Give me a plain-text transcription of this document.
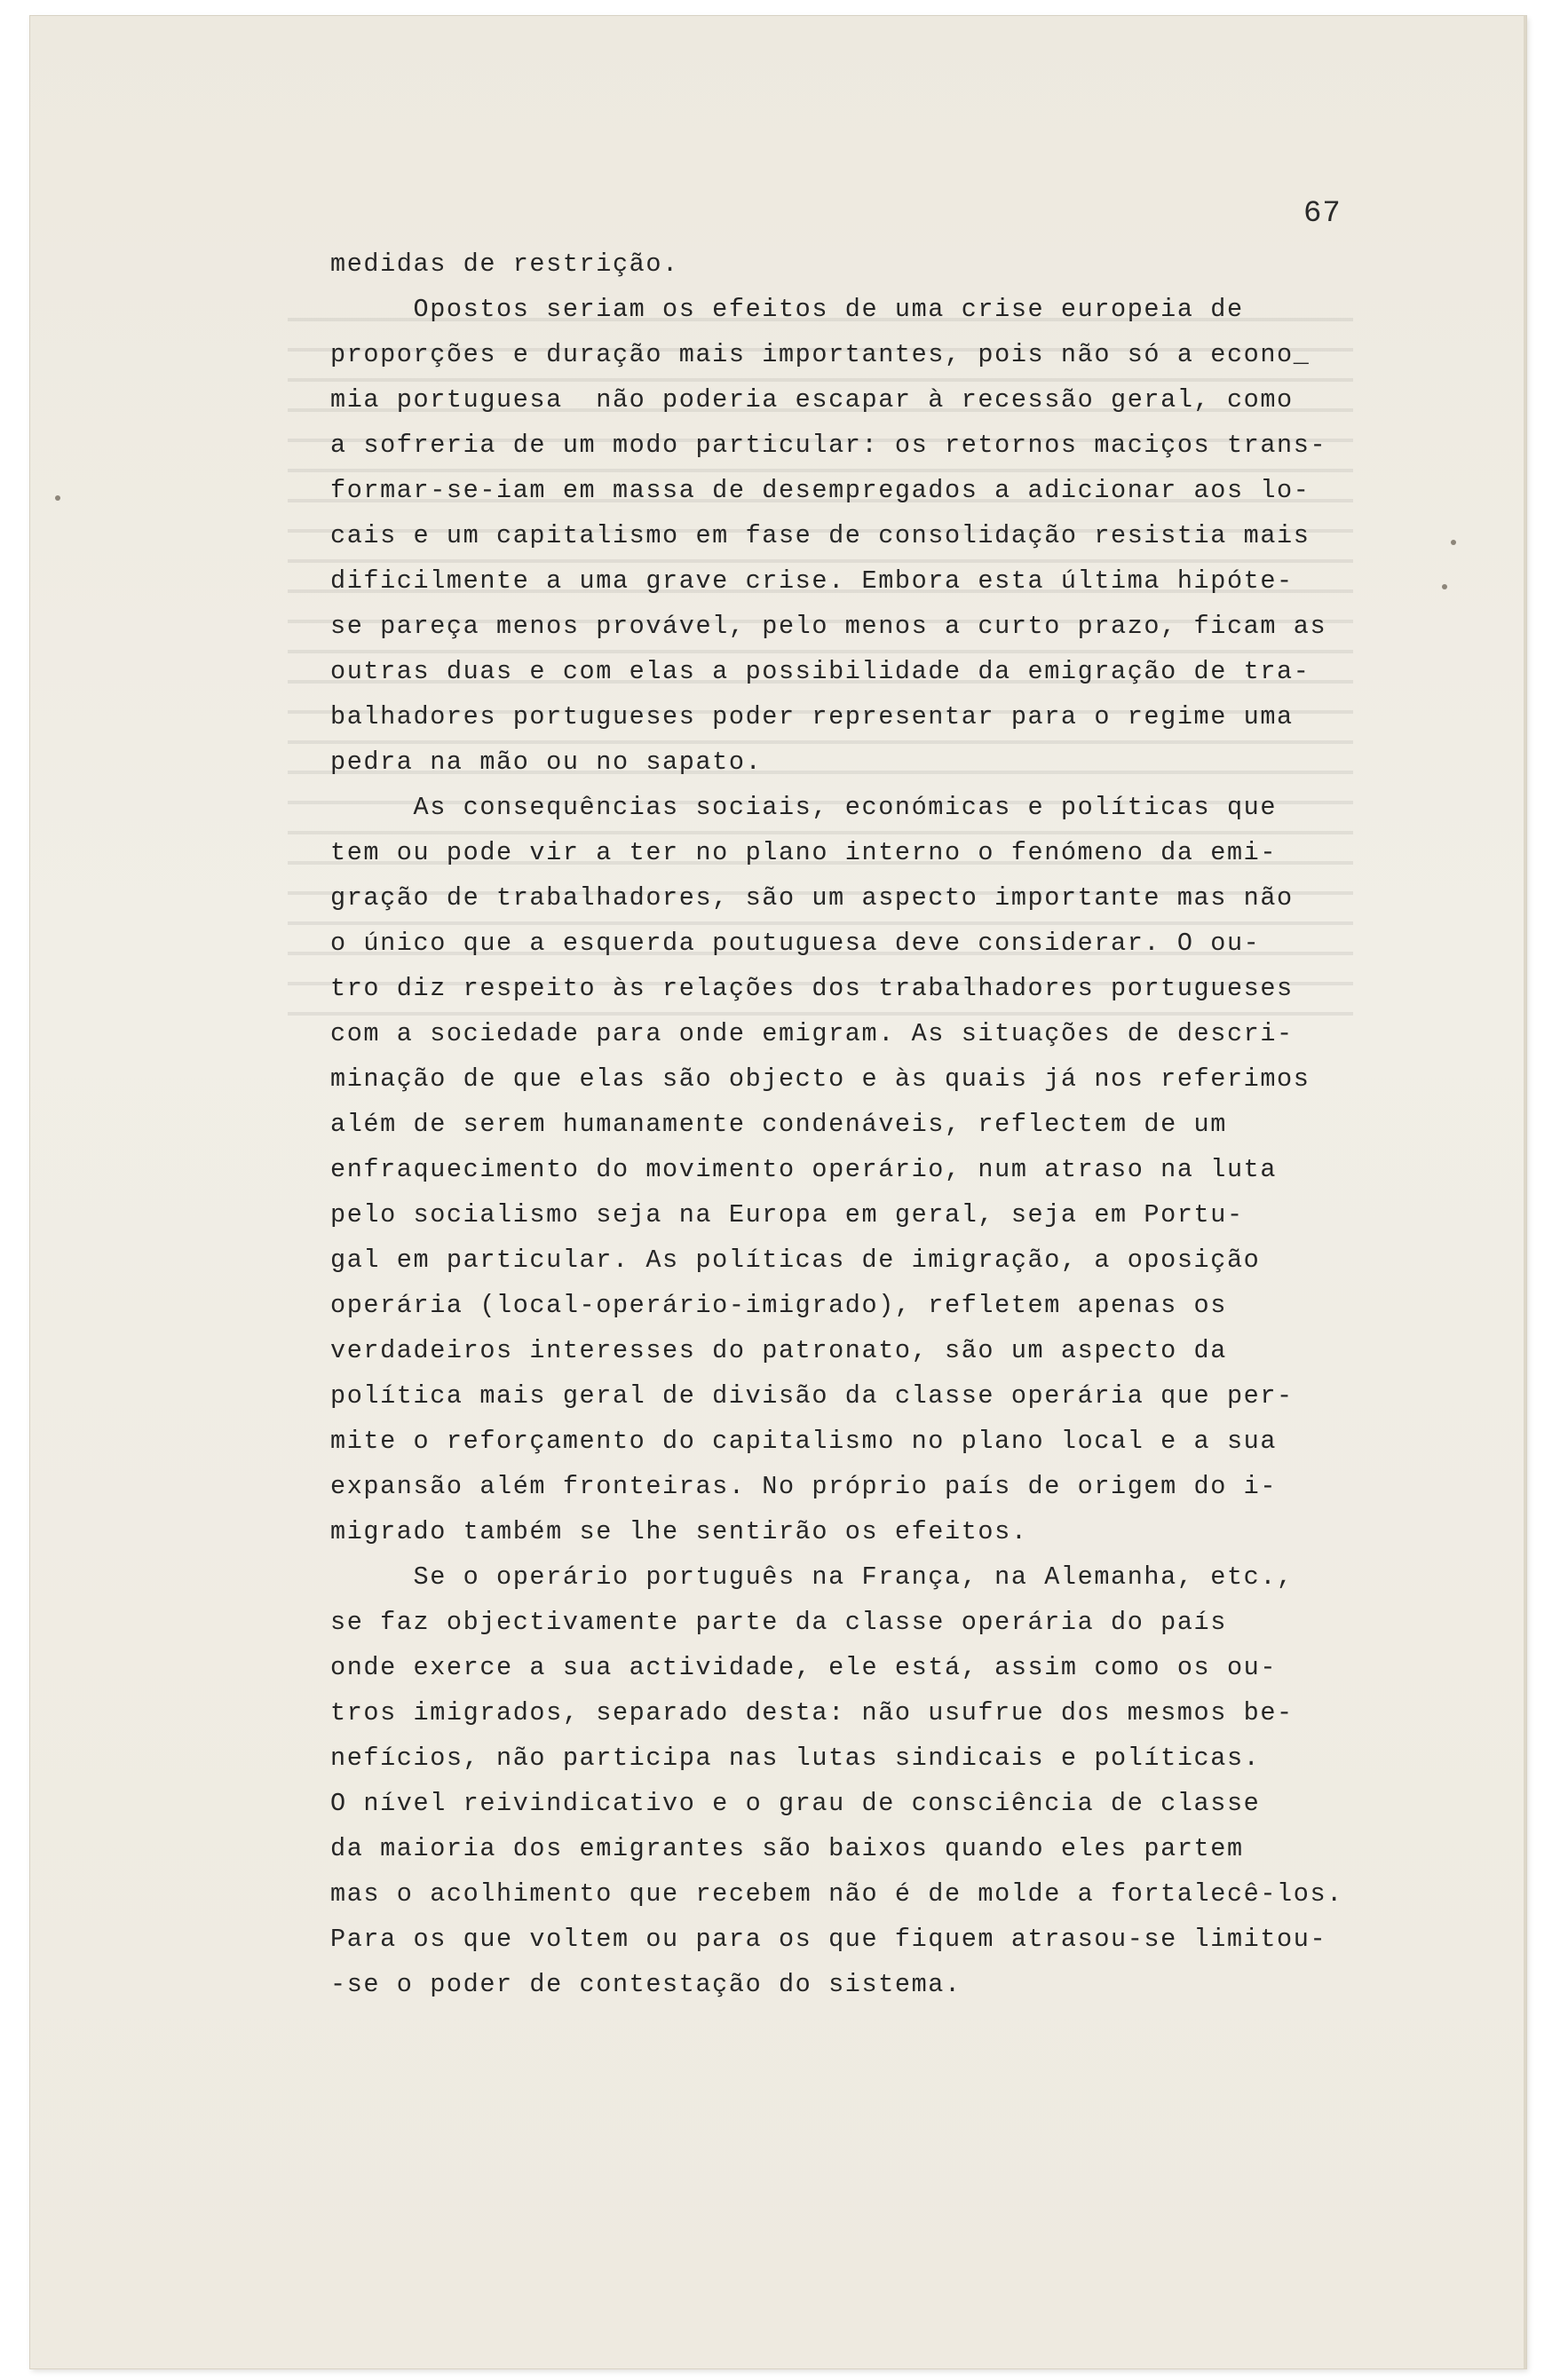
67
medidas de restrição.
Opostos seriam os efeitos de uma crise europeia de
proporções e duração mais importantes, pois não só a econo_
mia portuguesa  não poderia escapar à recessão geral, como
a sofreria de um modo particular: os retornos maciços trans-
formar-se-iam em massa de desempregados a adicionar aos lo-
cais e um capitalismo em fase de consolidação resistia mais
dificilmente a uma grave crise. Embora esta última hipóte-
se pareça menos provável, pelo menos a curto prazo, ficam as
outras duas e com elas a possibilidade da emigração de tra-
balhadores portugueses poder representar para o regime uma
pedra na mão ou no sapato.
As consequências sociais, económicas e políticas que
tem ou pode vir a ter no plano interno o fenómeno da emi-
gração de trabalhadores, são um aspecto importante mas não
o único que a esquerda poutuguesa deve considerar. O ou-
tro diz respeito às relações dos trabalhadores portugueses
com a sociedade para onde emigram. As situações de descri-
minação de que elas são objecto e às quais já nos referimos
além de serem humanamente condenáveis, reflectem de um
enfraquecimento do movimento operário, num atraso na luta
pelo socialismo seja na Europa em geral, seja em Portu-
gal em particular. As políticas de imigração, a oposição
operária (local-operário-imigrado), refletem apenas os
verdadeiros interesses do patronato, são um aspecto da
política mais geral de divisão da classe operária que per-
mite o reforçamento do capitalismo no plano local e a sua
expansão além fronteiras. No próprio país de origem do i-
migrado também se lhe sentirão os efeitos.
Se o operário português na França, na Alemanha, etc.,
se faz objectivamente parte da classe operária do país
onde exerce a sua actividade, ele está, assim como os ou-
tros imigrados, separado desta: não usufrue dos mesmos be-
nefícios, não participa nas lutas sindicais e políticas.
O nível reivindicativo e o grau de consciência de classe
da maioria dos emigrantes são baixos quando eles partem
mas o acolhimento que recebem não é de molde a fortalecê-los.
Para os que voltem ou para os que fiquem atrasou-se limitou-
-se o poder de contestação do sistema.
